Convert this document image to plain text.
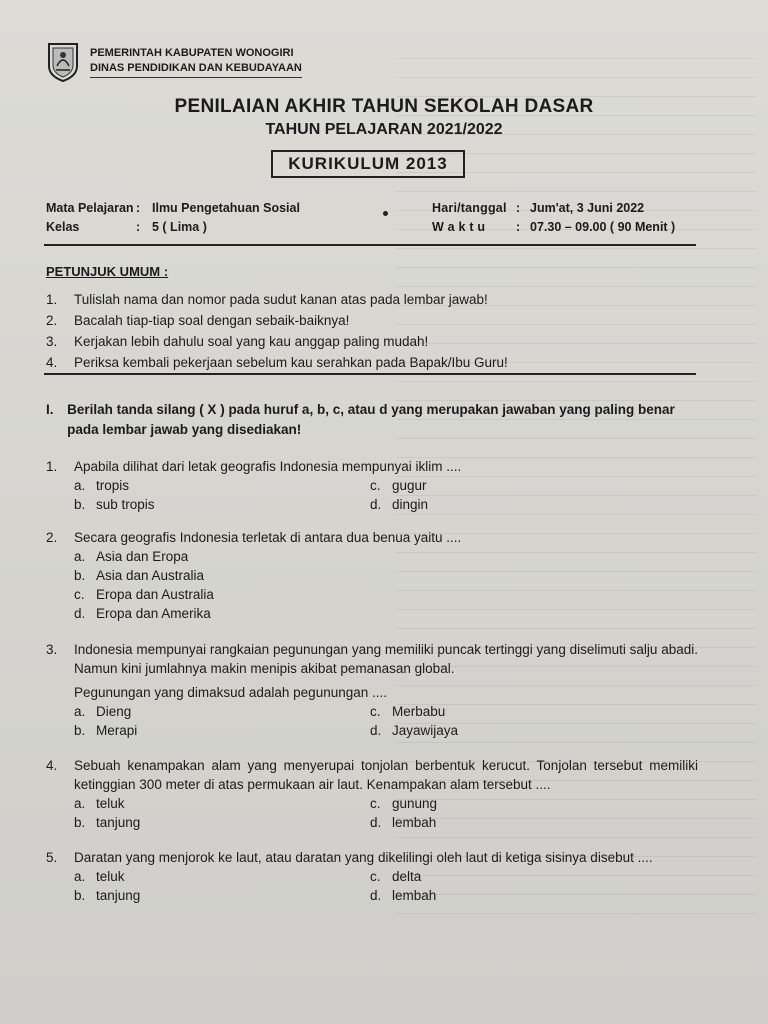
PEMERINTAH KABUPATEN WONOGIRI
DINAS PENDIDIKAN DAN KEBUDAYAAN
PENILAIAN AKHIR TAHUN SEKOLAH DASAR
TAHUN PELAJARAN 2021/2022
KURIKULUM 2013
Mata Pelajaran : Ilmu Pengetahuan Sosial
Kelas	: 5 ( Lima )
Hari/tanggal : Jum'at, 3 Juni 2022
W a k t u	: 07.30 – 09.00 ( 90 Menit )
PETUNJUK UMUM :
1.	Tulislah nama dan nomor pada sudut kanan atas pada lembar jawab!
2.	Bacalah tiap-tiap soal dengan sebaik-baiknya!
3.	Kerjakan lebih dahulu soal yang kau anggap paling mudah!
4.	Periksa kembali pekerjaan sebelum kau serahkan pada Bapak/Ibu Guru!
I.	Berilah tanda silang ( X ) pada huruf a, b, c, atau d yang merupakan jawaban yang paling benar pada lembar jawab yang disediakan!
1.	Apabila dilihat dari letak geografis Indonesia mempunyai iklim ....
a. tropis	c. gugur
b. sub tropis	d. dingin
2.	Secara geografis Indonesia terletak di antara dua benua yaitu ....
a. Asia dan Eropa
b. Asia dan Australia
c. Eropa dan Australia
d. Eropa dan Amerika
3.	Indonesia mempunyai rangkaian pegunungan yang memiliki puncak tertinggi yang diselimuti salju abadi. Namun kini jumlahnya makin menipis akibat pemanasan global.
Pegunungan yang dimaksud adalah pegunungan ....
a. Dieng	c. Merbabu
b. Merapi	d. Jayawijaya
4.	Sebuah kenampakan alam yang menyerupai tonjolan berbentuk kerucut. Tonjolan tersebut memiliki ketinggian 300 meter di atas permukaan air laut. Kenampakan alam tersebut ....
a. teluk	c. gunung
b. tanjung	d. lembah
5.	Daratan yang menjorok ke laut, atau daratan yang dikelilingi oleh laut di ketiga sisinya disebut ....
a. teluk	c. delta
b. tanjung	d. lembah
